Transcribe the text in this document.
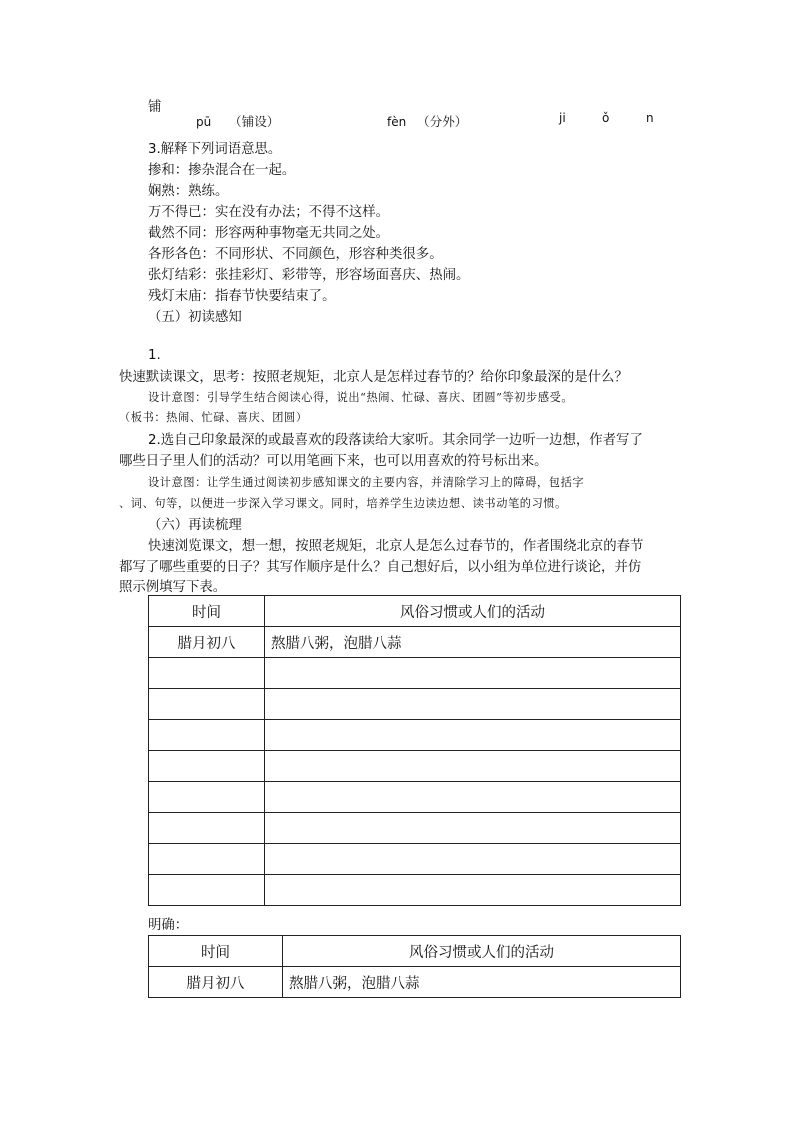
铺
pū （铺设）	fèn （分外）	ji	ǒ	n
3.解释下列词语意思。
掺和：掺杂混合在一起。
娴熟：熟练。
万不得已：实在没有办法；不得不这样。
截然不同：形容两种事物毫无共同之处。
各形各色：不同形状、不同颜色，形容种类很多。
张灯结彩：张挂彩灯、彩带等，形容场面喜庆、热闹。
残灯末庙：指春节快要结束了。
（五）初读感知
1.
快速默读课文，思考：按照老规矩，北京人是怎样过春节的？给你印象最深的是什么？
设计意图：引导学生结合阅读心得，说出“热闹、忙碌、喜庆、团圆”等初步感受。
（板书：热闹、忙碌、喜庆、团圆）
2.选自己印象最深的或最喜欢的段落读给大家听。其余同学一边听一边想，作者写了
哪些日子里人们的活动？可以用笔画下来，也可以用喜欢的符号标出来。
设计意图：让学生通过阅读初步感知课文的主要内容，并清除学习上的障碍，包括字
、词、句等，以便进一步深入学习课文。同时，培养学生边读边想、读书动笔的习惯。
（六）再读梳理
快速浏览课文，想一想，按照老规矩，北京人是怎么过春节的，作者围绕北京的春节
都写了哪些重要的日子？其写作顺序是什么？自己想好后，以小组为单位进行谈论，并仿
照示例填写下表。
时间	风俗习惯或人们的活动
腊月初八	熬腊八粥，泡腊八蒜

明确：
时间	风俗习惯或人们的活动
腊月初八	熬腊八粥，泡腊八蒜
